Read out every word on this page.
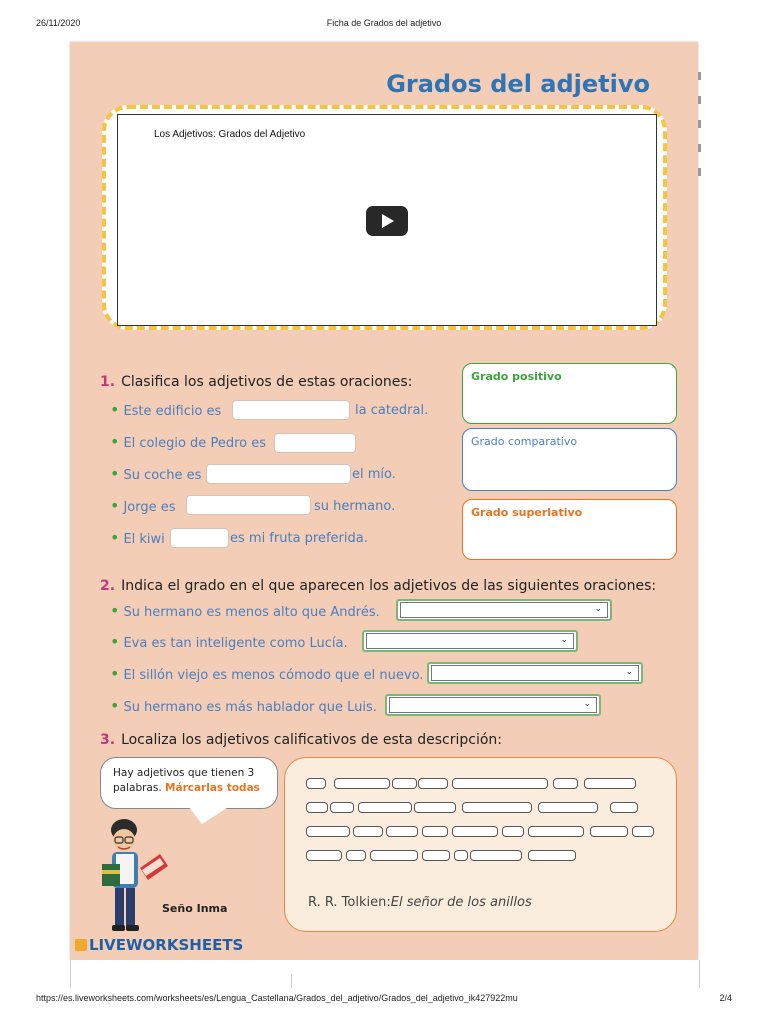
26/11/2020	Ficha de Grados del adjetivo
Grados del adjetivo
Los Adjetivos: Grados del Adjetivo
1. Clasifica los adjetivos de estas oraciones:
• Este edificio es	la catedral.
• El colegio de Pedro es
• Su coche es	el mío.
• Jorge es	su hermano.
• El kiwi	es mi fruta preferida.
Grado positivo
Grado comparativo
Grado superlativo
2. Indica el grado en el que aparecen los adjetivos de las siguientes oraciones:
• Su hermano es menos alto que Andrés.	⌄
• Eva es tan inteligente como Lucía.	⌄
• El sillón viejo es menos cómodo que el nuevo.	⌄
• Su hermano es más hablador que Luis.	⌄
3. Localiza los adjetivos calificativos de esta descripción:
Hay adjetivos que tienen 3 palabras. Márcarlas todas
R. R. Tolkien:El señor de los anillos
Seño Inma
LIVEWORKSHEETS
https://es.liveworksheets.com/worksheets/es/Lengua_Castellana/Grados_del_adjetivo/Grados_del_adjetivo_ik427922mu	2/4
